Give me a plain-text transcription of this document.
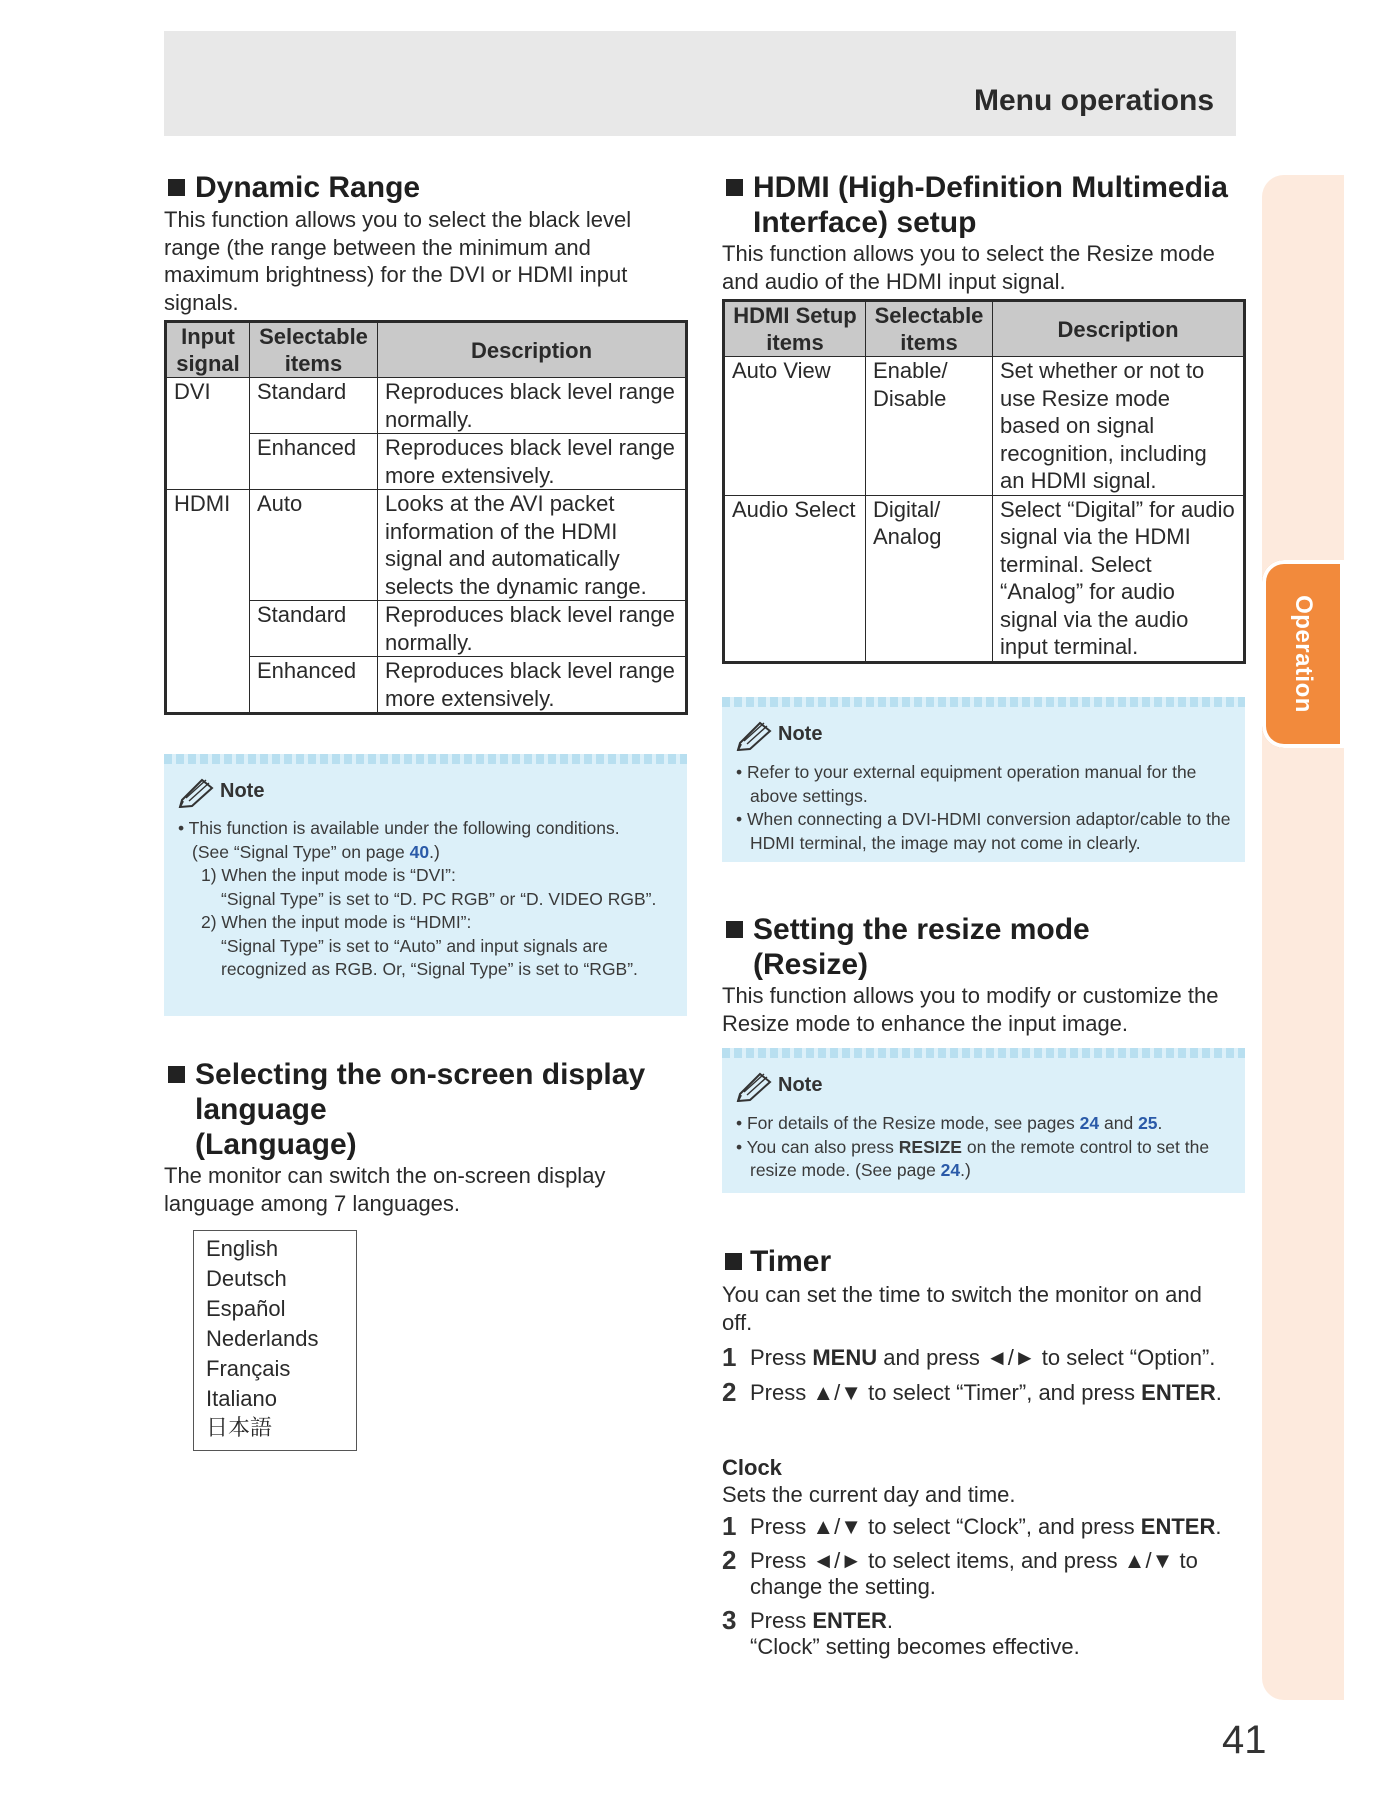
Menu operations
Operation
Dynamic Range

This function allows you to select the black level range (the range between the minimum and maximum brightness) for the DVI or HDMI input signals.

Input signal	Selectable items	Description
DVI	Standard	Reproduces black level range normally.
	Enhanced	Reproduces black level range more extensively.
HDMI	Auto	Looks at the AVI packet information of the HDMI signal and automatically selects the dynamic range.
	Standard	Reproduces black level range normally.
	Enhanced	Reproduces black level range more extensively.
Note
• This function is available under the following conditions.
(See “Signal Type” on page 40.)
1) When the input mode is “DVI”:
“Signal Type” is set to “D. PC RGB” or “D. VIDEO RGB”.
2) When the input mode is “HDMI”:
“Signal Type” is set to “Auto” and input signals are recognized as RGB. Or, “Signal Type” is set to “RGB”.
Selecting the on-screen display
language
(Language)

The monitor can switch the on-screen display language among 7 languages.

English
Deutsch
Español
Nederlands
Français
Italiano
日本語
HDMI (High-Definition Multimedia
Interface) setup

This function allows you to select the Resize mode and audio of the HDMI input signal.

HDMI Setup items	Selectable items	Description
Auto View	Enable/ Disable	Set whether or not to use Resize mode based on signal recognition, including an HDMI signal.
Audio Select	Digital/ Analog	Select “Digital” for audio signal via the HDMI terminal. Select “Analog” for audio signal via the audio input terminal.
Note
• Refer to your external equipment operation manual for the above settings.
• When connecting a DVI-HDMI conversion adaptor/cable to the HDMI terminal, the image may not come in clearly.
Setting the resize mode
(Resize)

This function allows you to modify or customize the Resize mode to enhance the input image.

Note
• For details of the Resize mode, see pages 24 and 25.
• You can also press RESIZE on the remote control to set the resize mode. (See page 24.)
Timer

You can set the time to switch the monitor on and off.

1 Press MENU and press ◄/► to select “Option”.
2 Press ▲/▼ to select “Timer”, and press ENTER.
Clock

Sets the current day and time.

1 Press ▲/▼ to select “Clock”, and press ENTER.
2 Press ◄/► to select items, and press ▲/▼ to change the setting.
3 Press ENTER.
“Clock” setting becomes effective.
41
